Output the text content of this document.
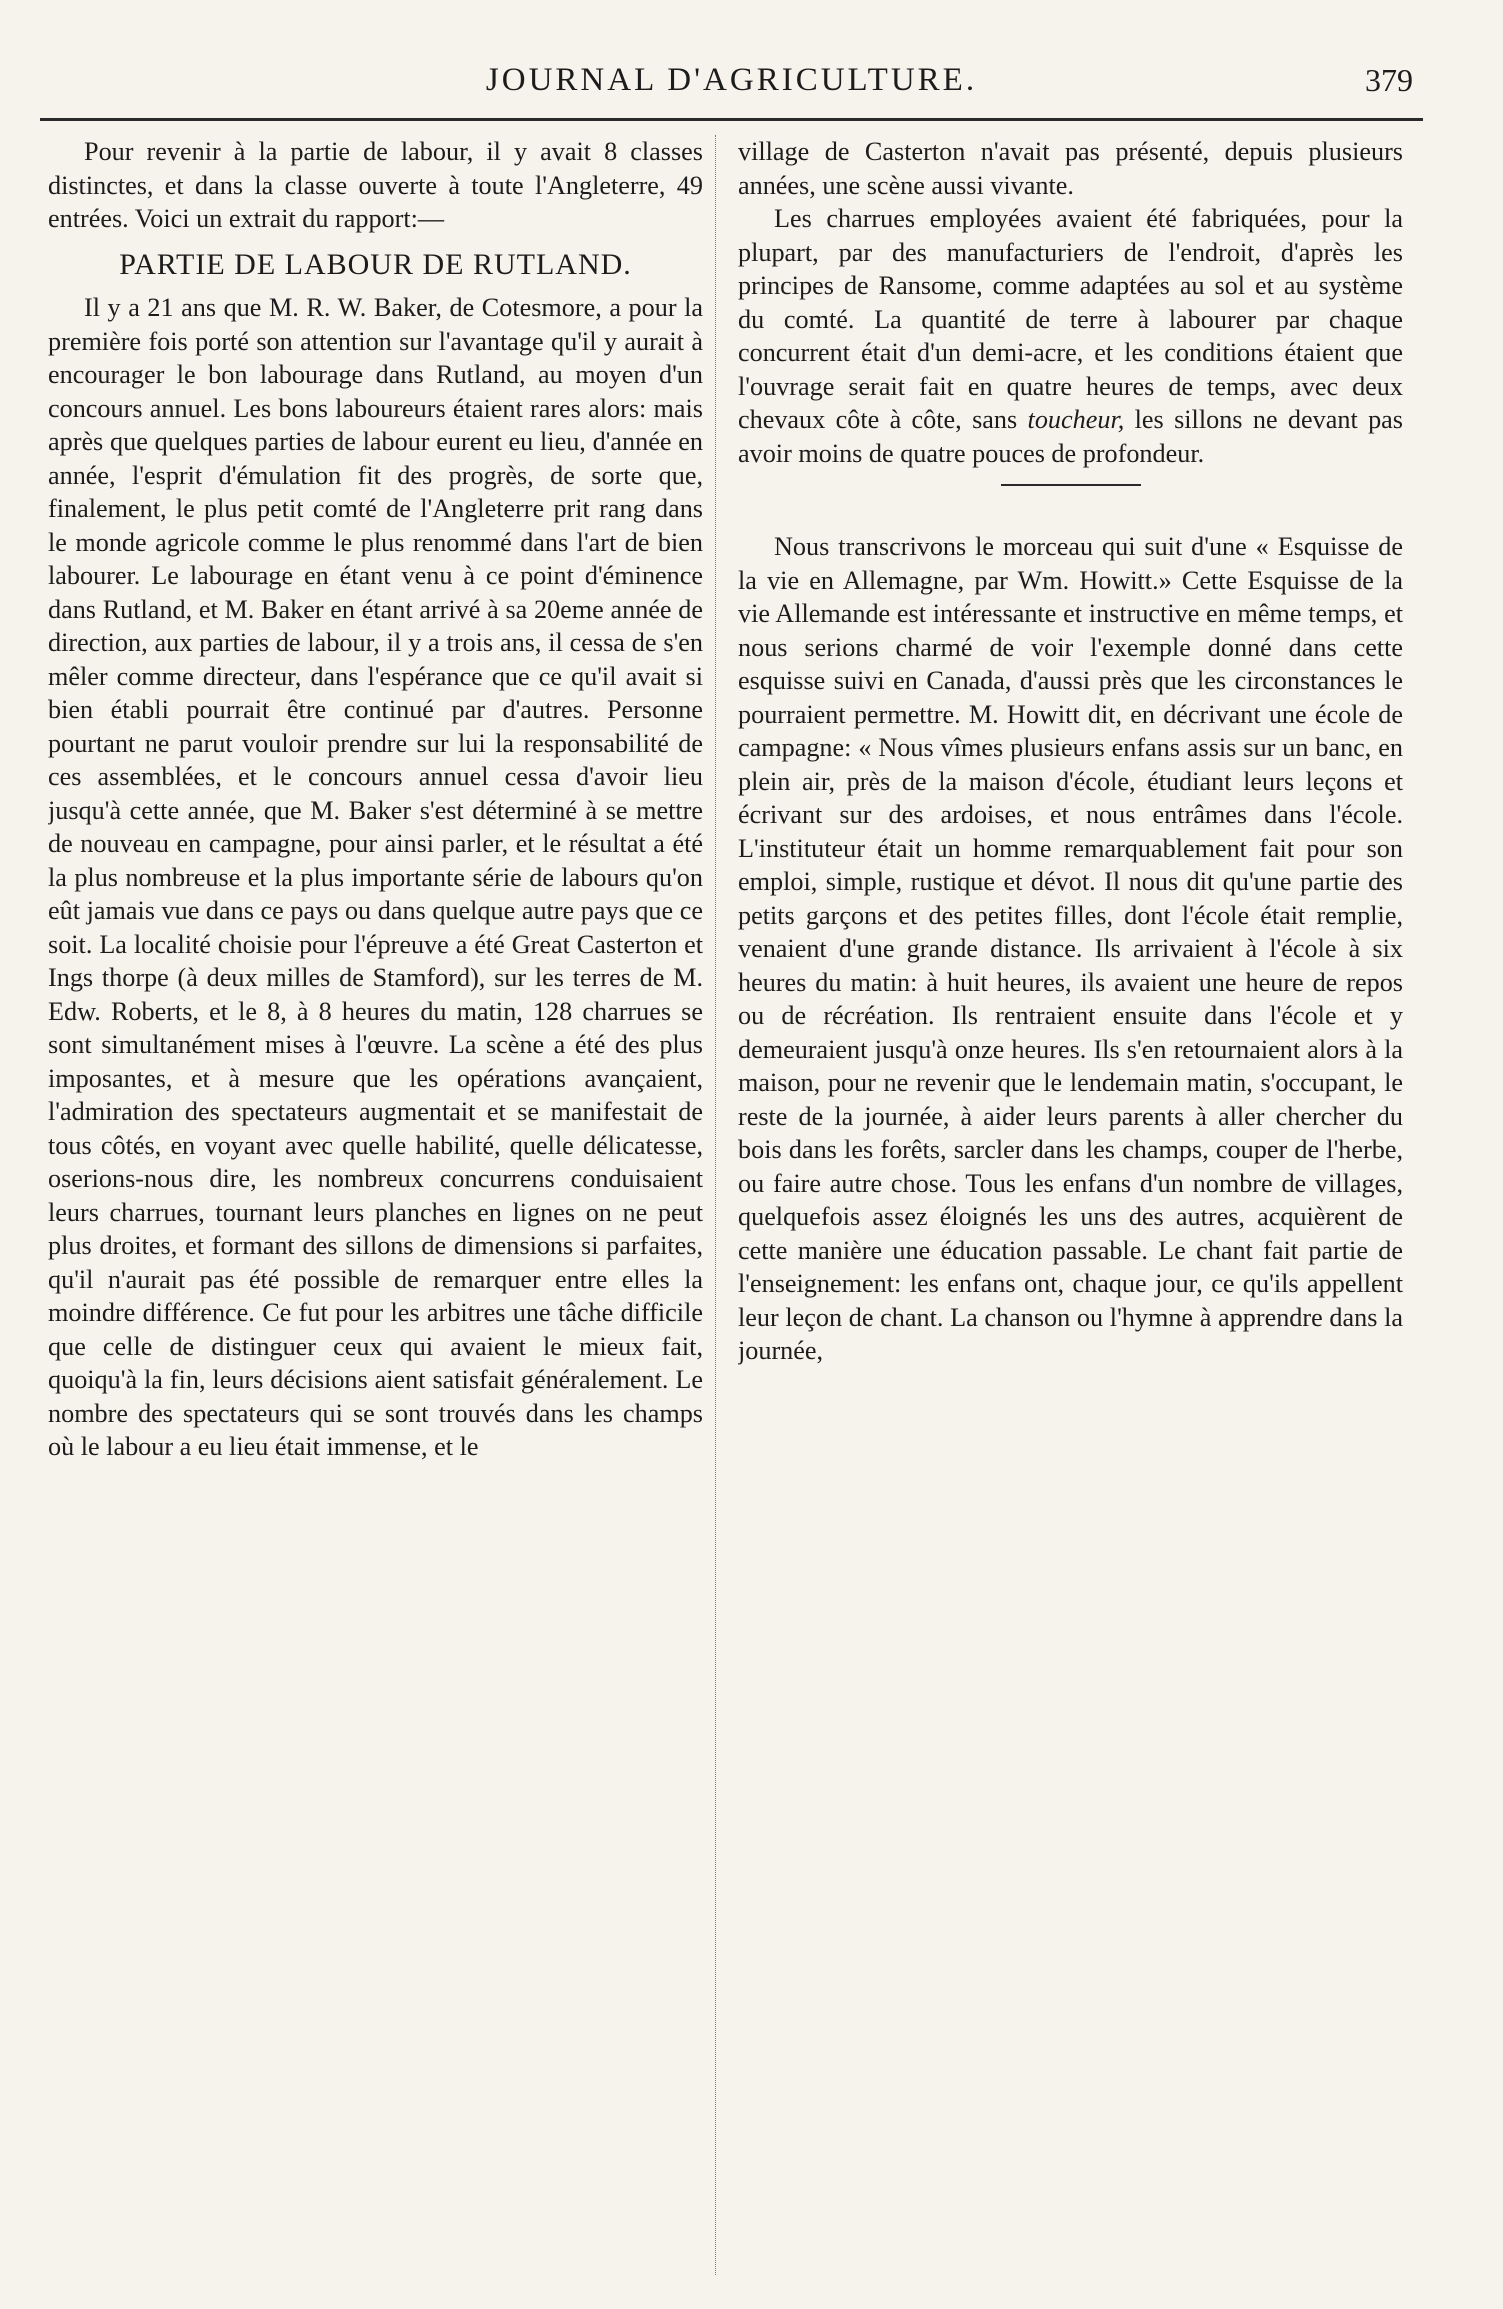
JOURNAL D'AGRICULTURE.	379

Pour revenir à la partie de labour, il y avait 8 classes distinctes, et dans la classe ouverte à toute l'Angleterre, 49 entrées. Voici un extrait du rapport:—

PARTIE DE LABOUR DE RUTLAND.

Il y a 21 ans que M. R. W. Baker, de Cotesmore, a pour la première fois porté son attention sur l'avantage qu'il y aurait à encourager le bon labourage dans Rutland, au moyen d'un concours annuel. Les bons laboureurs étaient rares alors: mais après que quelques parties de labour eurent eu lieu, d'année en année, l'esprit d'émulation fit des progrès, de sorte que, finalement, le plus petit comté de l'Angleterre prit rang dans le monde agricole comme le plus renommé dans l'art de bien labourer. Le labourage en étant venu à ce point d'éminence dans Rutland, et M. Baker en étant arrivé à sa 20eme année de direction, aux parties de labour, il y a trois ans, il cessa de s'en mêler comme directeur, dans l'espérance que ce qu'il avait si bien établi pourrait être continué par d'autres. Personne pourtant ne parut vouloir prendre sur lui la responsabilité de ces assemblées, et le concours annuel cessa d'avoir lieu jusqu'à cette année, que M. Baker s'est déterminé à se mettre de nouveau en campagne, pour ainsi parler, et le résultat a été la plus nombreuse et la plus importante série de labours qu'on eût jamais vue dans ce pays ou dans quelque autre pays que ce soit. La localité choisie pour l'épreuve a été Great Casterton et Ings thorpe (à deux milles de Stamford), sur les terres de M. Edw. Roberts, et le 8, à 8 heures du matin, 128 charrues se sont simultanément mises à l'œuvre. La scène a été des plus imposantes, et à mesure que les opérations avançaient, l'admiration des spectateurs augmentait et se manifestait de tous côtés, en voyant avec quelle habilité, quelle délicatesse, oserions-nous dire, les nombreux concurrens conduisaient leurs charrues, tournant leurs planches en lignes on ne peut plus droites, et formant des sillons de dimensions si parfaites, qu'il n'aurait pas été possible de remarquer entre elles la moindre différence. Ce fut pour les arbitres une tâche difficile que celle de distinguer ceux qui avaient le mieux fait, quoiqu'à la fin, leurs décisions aient satisfait généralement. Le nombre des spectateurs qui se sont trouvés dans les champs où le labour a eu lieu était immense, et le

village de Casterton n'avait pas présenté, depuis plusieurs années, une scène aussi vivante.

Les charrues employées avaient été fabriquées, pour la plupart, par des manufacturiers de l'endroit, d'après les principes de Ransome, comme adaptées au sol et au système du comté. La quantité de terre à labourer par chaque concurrent était d'un demi-acre, et les conditions étaient que l'ouvrage serait fait en quatre heures de temps, avec deux chevaux côte à côte, sans toucheur, les sillons ne devant pas avoir moins de quatre pouces de profondeur.

Nous transcrivons le morceau qui suit d'une « Esquisse de la vie en Allemagne, par Wm. Howitt.» Cette Esquisse de la vie Allemande est intéressante et instructive en même temps, et nous serions charmé de voir l'exemple donné dans cette esquisse suivi en Canada, d'aussi près que les circonstances le pourraient permettre. M. Howitt dit, en décrivant une école de campagne: « Nous vîmes plusieurs enfans assis sur un banc, en plein air, près de la maison d'école, étudiant leurs leçons et écrivant sur des ardoises, et nous entrâmes dans l'école. L'instituteur était un homme remarquablement fait pour son emploi, simple, rustique et dévot. Il nous dit qu'une partie des petits garçons et des petites filles, dont l'école était remplie, venaient d'une grande distance. Ils arrivaient à l'école à six heures du matin: à huit heures, ils avaient une heure de repos ou de récréation. Ils rentraient ensuite dans l'école et y demeuraient jusqu'à onze heures. Ils s'en retournaient alors à la maison, pour ne revenir que le lendemain matin, s'occupant, le reste de la journée, à aider leurs parents à aller chercher du bois dans les forêts, sarcler dans les champs, couper de l'herbe, ou faire autre chose. Tous les enfans d'un nombre de villages, quelquefois assez éloignés les uns des autres, acquièrent de cette manière une éducation passable. Le chant fait partie de l'enseignement: les enfans ont, chaque jour, ce qu'ils appellent leur leçon de chant. La chanson ou l'hymne à apprendre dans la journée,
